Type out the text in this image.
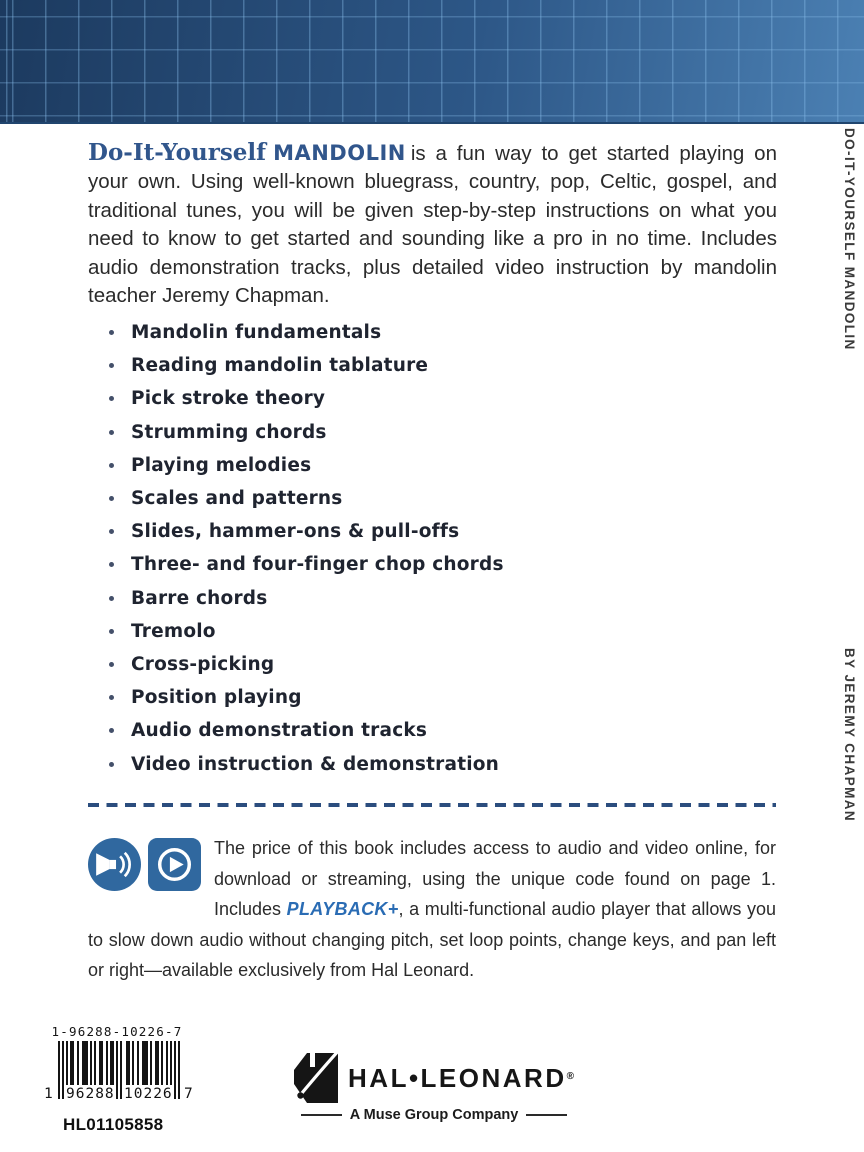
DO-IT-YOURSELF MANDOLIN
BY JEREMY CHAPMAN

Do-It-Yourself MANDOLIN is a fun way to get started playing on your own. Using well-known bluegrass, country, pop, Celtic, gospel, and traditional tunes, you will be given step-by-step instructions on what you need to know to get started and sounding like a pro in no time. Includes audio demonstration tracks, plus detailed video instruction by mandolin teacher Jeremy Chapman.

Mandolin fundamentals
Reading mandolin tablature
Pick stroke theory
Strumming chords
Playing melodies
Scales and patterns
Slides, hammer-ons & pull-offs
Three- and four-finger chop chords
Barre chords
Tremolo
Cross-picking
Position playing
Audio demonstration tracks
Video instruction & demonstration

The price of this book includes access to audio and video online, for download or streaming, using the unique code found on page 1. Includes PLAYBACK+, a multi-functional audio player that allows you to slow down audio without changing pitch, set loop points, change keys, and pan left or right—available exclusively from Hal Leonard.

1-96288-10226-7
1 96288 10226 7
HL01105858
HAL•LEONARD®
A Muse Group Company
